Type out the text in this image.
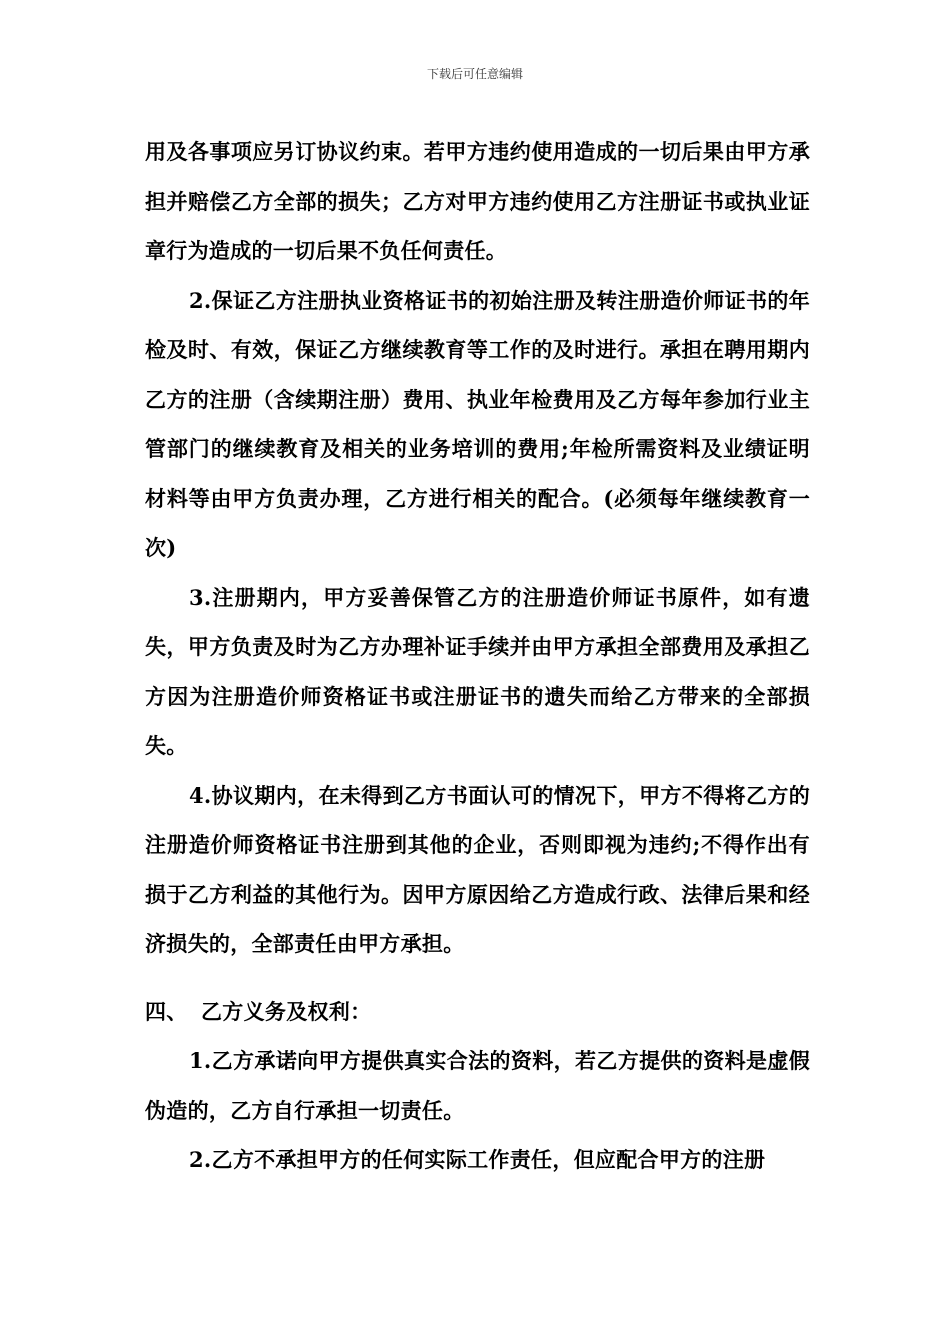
下载后可任意编辑

用及各事项应另订协议约束。若甲方违约使用造成的一切后果由甲方承担并赔偿乙方全部的损失；乙方对甲方违约使用乙方注册证书或执业证章行为造成的一切后果不负任何责任。

2.保证乙方注册执业资格证书的初始注册及转注册造价师证书的年检及时、有效，保证乙方继续教育等工作的及时进行。承担在聘用期内乙方的注册（含续期注册）费用、执业年检费用及乙方每年参加行业主管部门的继续教育及相关的业务培训的费用;年检所需资料及业绩证明材料等由甲方负责办理，乙方进行相关的配合。(必须每年继续教育一次)

3.注册期内，甲方妥善保管乙方的注册造价师证书原件，如有遗失，甲方负责及时为乙方办理补证手续并由甲方承担全部费用及承担乙方因为注册造价师资格证书或注册证书的遗失而给乙方带来的全部损失。

4.协议期内，在未得到乙方书面认可的情况下，甲方不得将乙方的注册造价师资格证书注册到其他的企业，否则即视为违约;不得作出有损于乙方利益的其他行为。因甲方原因给乙方造成行政、法律后果和经济损失的，全部责任由甲方承担。

四、 乙方义务及权利：

1.乙方承诺向甲方提供真实合法的资料，若乙方提供的资料是虚假伪造的，乙方自行承担一切责任。

2.乙方不承担甲方的任何实际工作责任，但应配合甲方的注册
